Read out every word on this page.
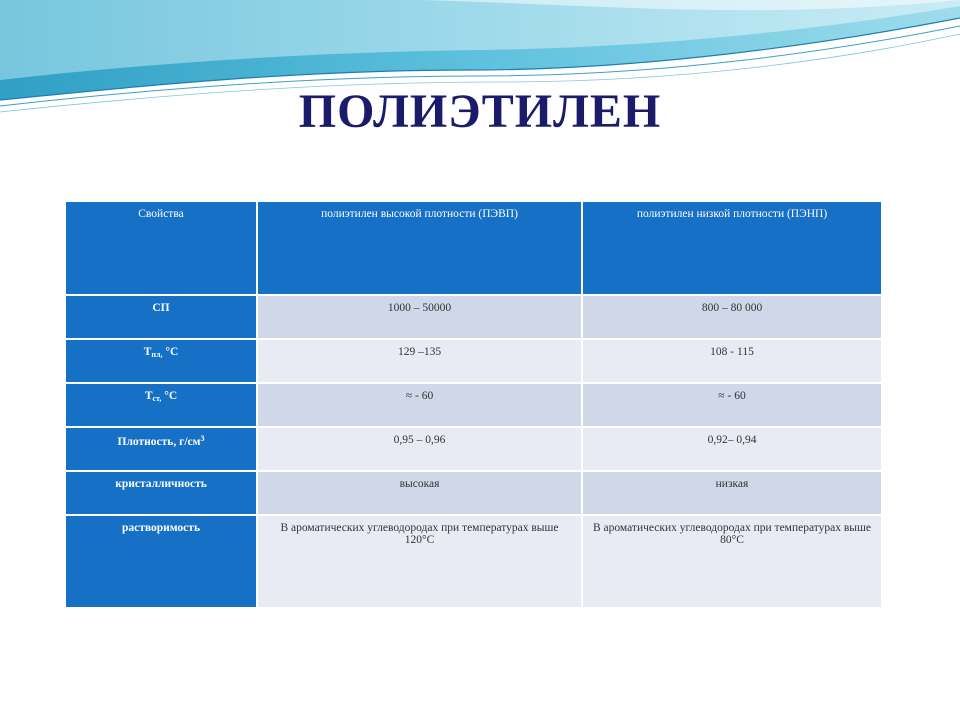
ПОЛИЭТИЛЕН
Свойства	полиэтилен высокой плотности (ПЭВП)	полиэтилен низкой плотности (ПЭНП)
СП	1000 – 50000	800 – 80 000
$Т_{пл,}$ °С	129 –135	108 - 115
$Т_{ст,}$ °С	≈ - 60	≈ - 60
Плотность, $г/см^3$	0,95 – 0,96	0,92– 0,94
кристалличность	высокая	низкая
растворимость	В ароматических углеводородах при температурах выше 120°С	В ароматических углеводородах при температурах выше 80°С
